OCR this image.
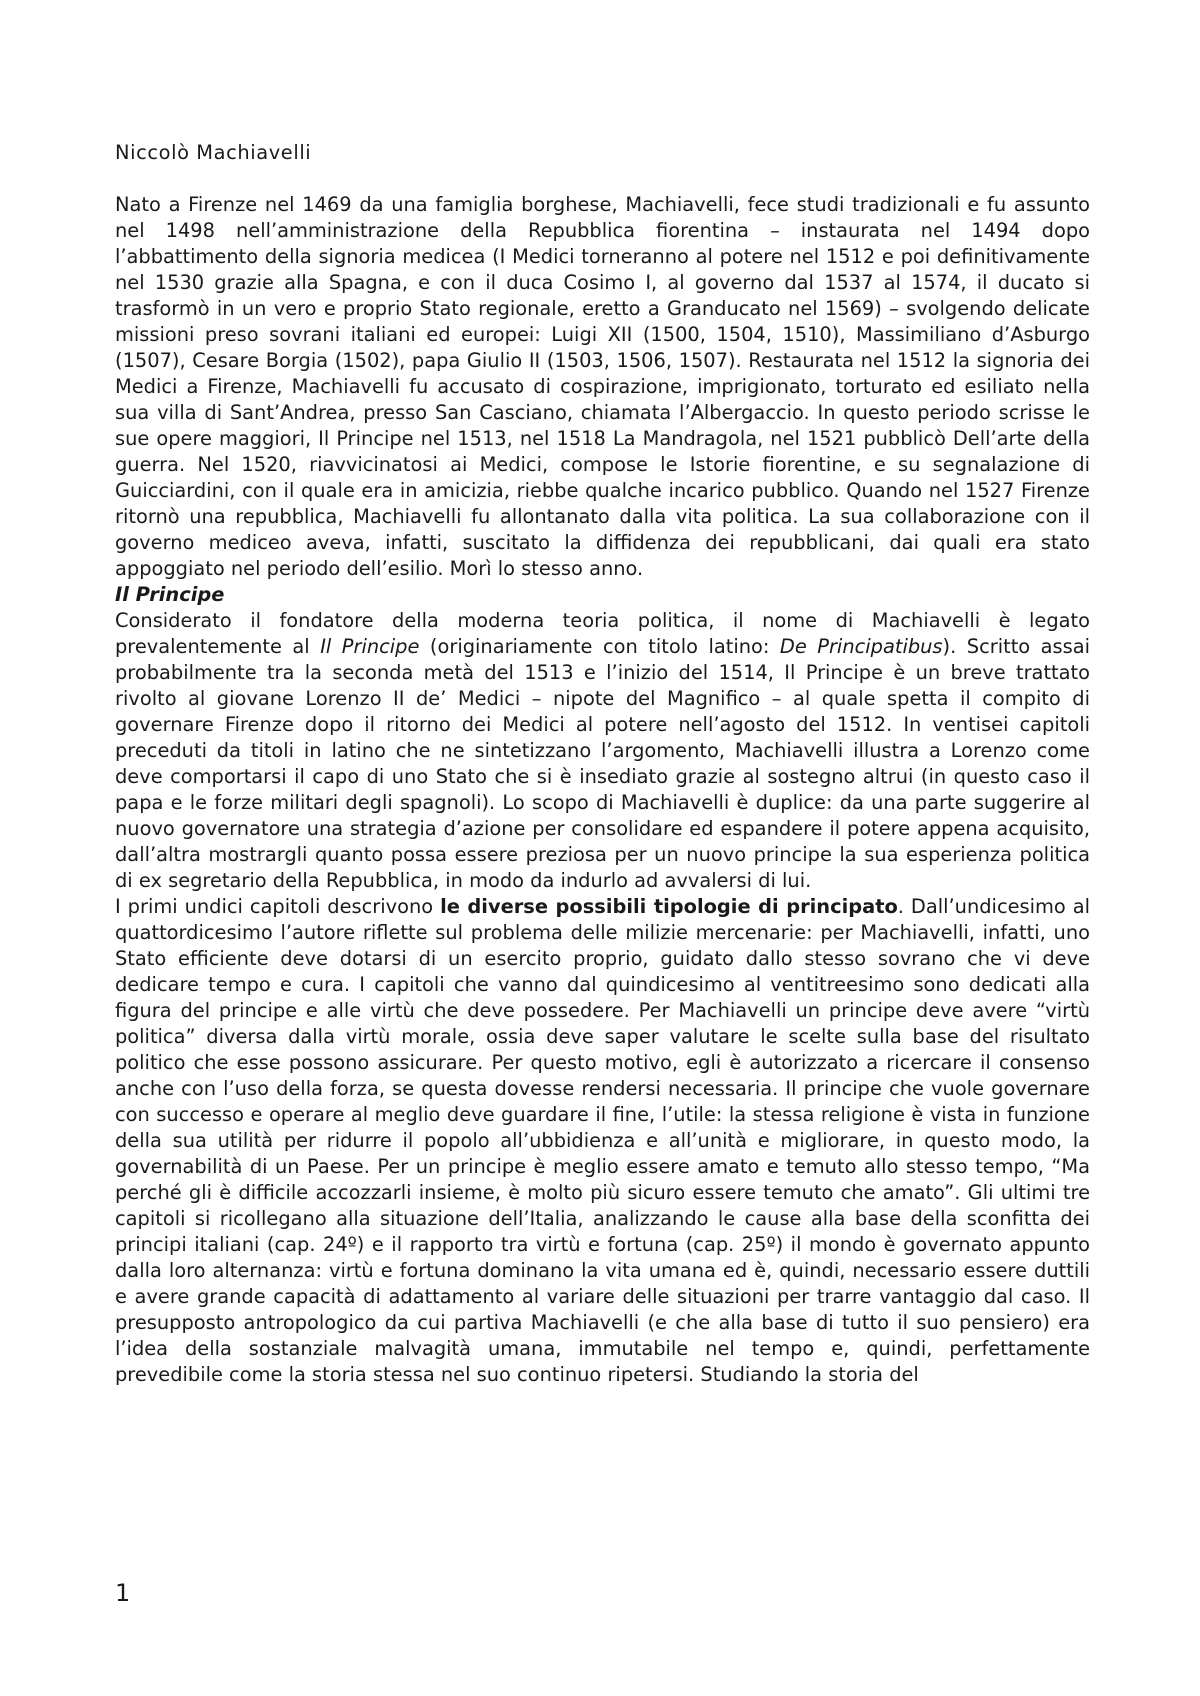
Niccolò Machiavelli

Nato a Firenze nel 1469 da una famiglia borghese, Machiavelli, fece studi tradizionali e fu assunto nel 1498 nell’amministrazione della Repubblica fiorentina – instaurata nel 1494 dopo l’abbattimento della signoria medicea (I Medici torneranno al potere nel 1512 e poi definitivamente nel 1530 grazie alla Spagna, e con il duca Cosimo I, al governo dal 1537 al 1574, il ducato si trasformò in un vero e proprio Stato regionale, eretto a Granducato nel 1569) – svolgendo delicate missioni preso sovrani italiani ed europei: Luigi XII (1500, 1504, 1510), Massimiliano d’Asburgo (1507), Cesare Borgia (1502), papa Giulio II (1503, 1506, 1507). Restaurata nel 1512 la signoria dei Medici a Firenze, Machiavelli fu accusato di cospirazione, imprigionato, torturato ed esiliato nella sua villa di Sant’Andrea, presso San Casciano, chiamata l’Albergaccio. In questo periodo scrisse le sue opere maggiori, Il Principe nel 1513, nel 1518 La Mandragola, nel 1521 pubblicò Dell’arte della guerra. Nel 1520, riavvicinatosi ai Medici, compose le Istorie fiorentine, e su segnalazione di Guicciardini, con il quale era in amicizia, riebbe qualche incarico pubblico. Quando nel 1527 Firenze ritornò una repubblica, Machiavelli fu allontanato dalla vita politica. La sua collaborazione con il governo mediceo aveva, infatti, suscitato la diffidenza dei repubblicani, dai quali era stato appoggiato nel periodo dell’esilio. Morì lo stesso anno.

Il Principe

Considerato il fondatore della moderna teoria politica, il nome di Machiavelli è legato prevalentemente al Il Principe (originariamente con titolo latino: De Principatibus). Scritto assai probabilmente tra la seconda metà del 1513 e l’inizio del 1514, Il Principe è un breve trattato rivolto al giovane Lorenzo II de’ Medici – nipote del Magnifico – al quale spetta il compito di governare Firenze dopo il ritorno dei Medici al potere nell’agosto del 1512. In ventisei capitoli preceduti da titoli in latino che ne sintetizzano l’argomento, Machiavelli illustra a Lorenzo come deve comportarsi il capo di uno Stato che si è insediato grazie al sostegno altrui (in questo caso il papa e le forze militari degli spagnoli). Lo scopo di Machiavelli è duplice: da una parte suggerire al nuovo governatore una strategia d’azione per consolidare ed espandere il potere appena acquisito, dall’altra mostrargli quanto possa essere preziosa per un nuovo principe la sua esperienza politica di ex segretario della Repubblica, in modo da indurlo ad avvalersi di lui.

I primi undici capitoli descrivono le diverse possibili tipologie di principato. Dall’undicesimo al quattordicesimo l’autore riflette sul problema delle milizie mercenarie: per Machiavelli, infatti, uno Stato efficiente deve dotarsi di un esercito proprio, guidato dallo stesso sovrano che vi deve dedicare tempo e cura. I capitoli che vanno dal quindicesimo al ventitreesimo sono dedicati alla figura del principe e alle virtù che deve possedere. Per Machiavelli un principe deve avere “virtù politica” diversa dalla virtù morale, ossia deve saper valutare le scelte sulla base del risultato politico che esse possono assicurare. Per questo motivo, egli è autorizzato a ricercare il consenso anche con l’uso della forza, se questa dovesse rendersi necessaria. Il principe che vuole governare con successo e operare al meglio deve guardare il fine, l’utile: la stessa religione è vista in funzione della sua utilità per ridurre il popolo all’ubbidienza e all’unità e migliorare, in questo modo, la governabilità di un Paese. Per un principe è meglio essere amato e temuto allo stesso tempo, “Ma perché gli è difficile accozzarli insieme, è molto più sicuro essere temuto che amato”. Gli ultimi tre capitoli si ricollegano alla situazione dell’Italia, analizzando le cause alla base della sconfitta dei principi italiani (cap. 24º) e il rapporto tra virtù e fortuna (cap. 25º) il mondo è governato appunto dalla loro alternanza: virtù e fortuna dominano la vita umana ed è, quindi, necessario essere duttili e avere grande capacità di adattamento al variare delle situazioni per trarre vantaggio dal caso. Il presupposto antropologico da cui partiva Machiavelli (e che alla base di tutto il suo pensiero) era l’idea della sostanziale malvagità umana, immutabile nel tempo e, quindi, perfettamente prevedibile come la storia stessa nel suo continuo ripetersi. Studiando la storia del

1
